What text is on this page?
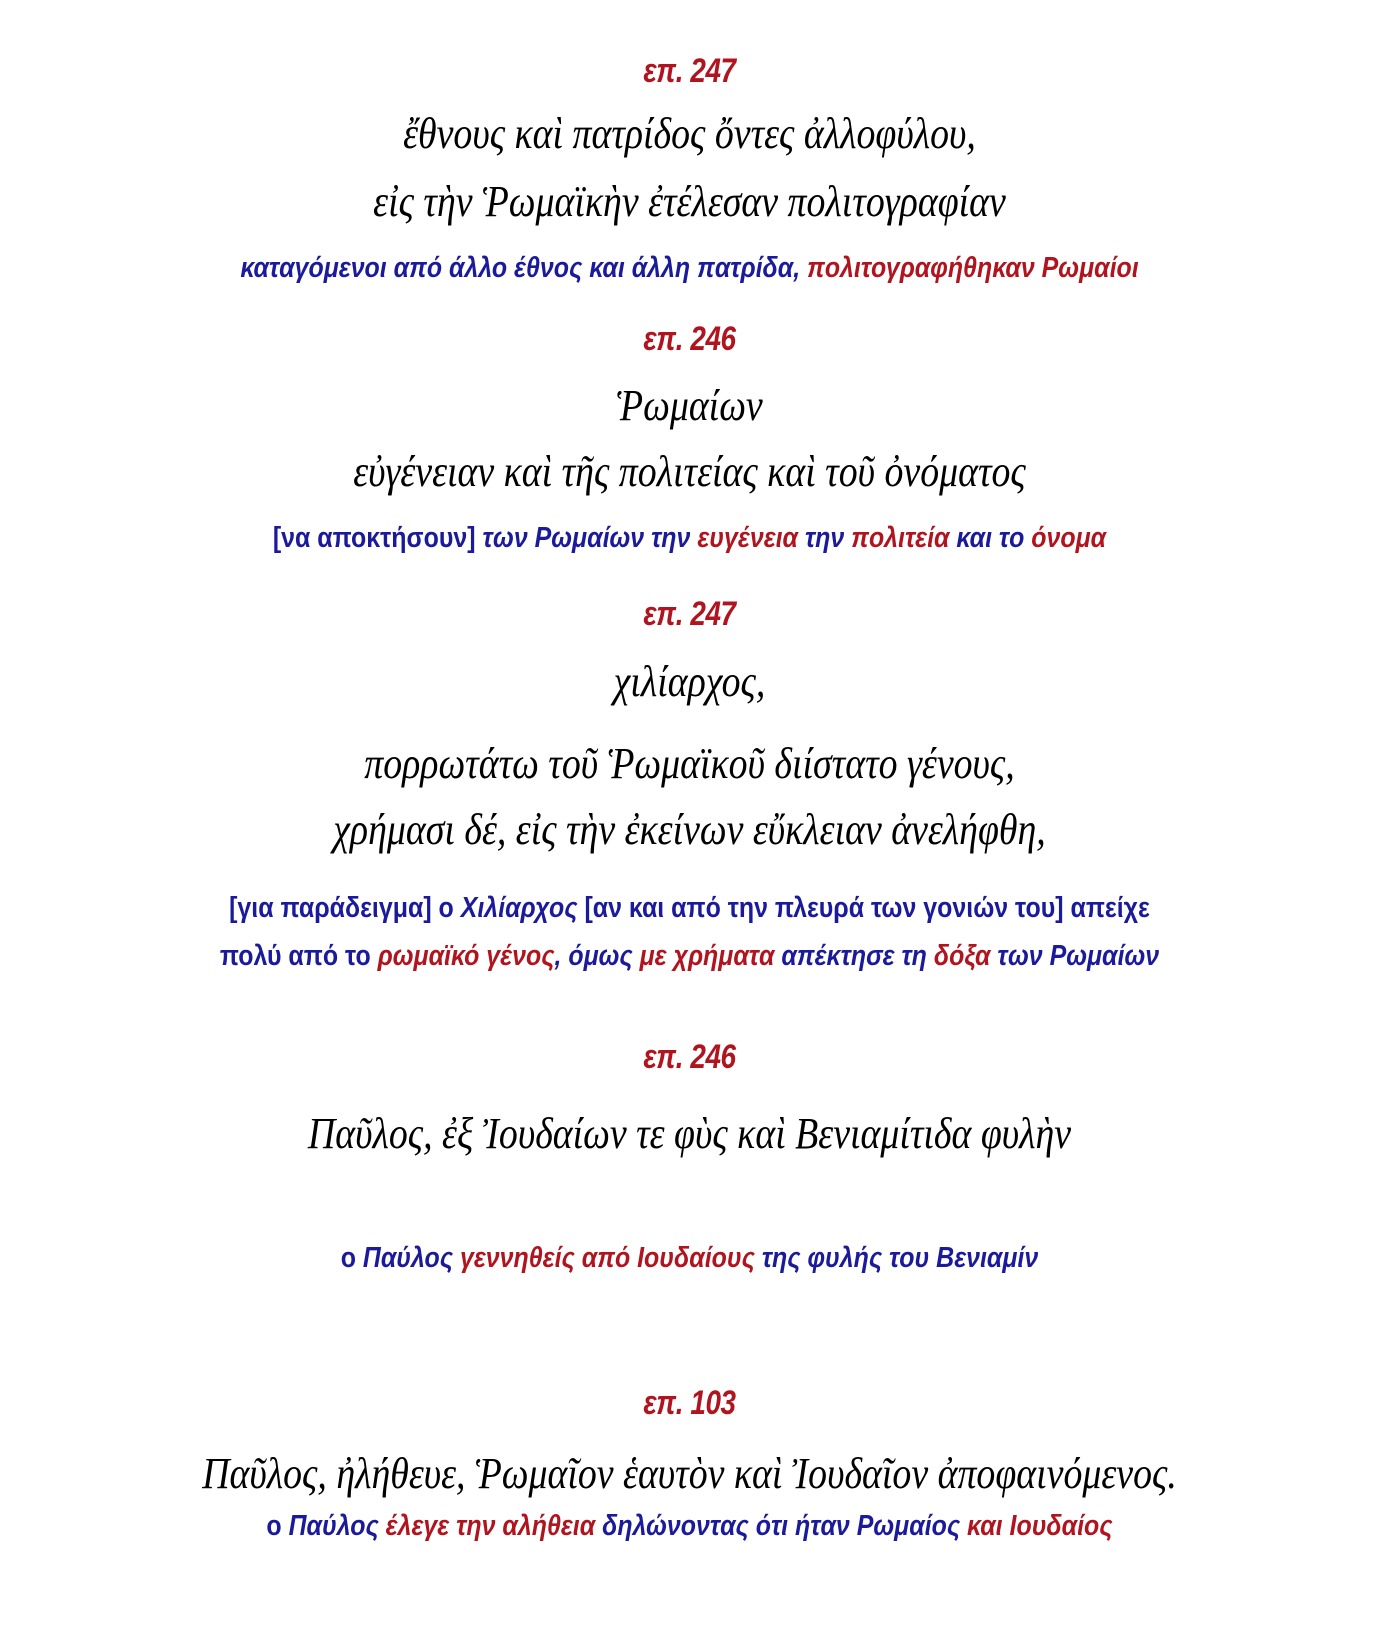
επ. 247
ἔθνους καὶ πατρίδος ὄντες ἀλλοφύλου,
εἰς τὴν Ῥωμαϊκὴν ἐτέλεσαν πολιτογραφίαν
καταγόμενοι από άλλο έθνος και άλλη πατρίδα, πολιτογραφήθηκαν Ρωμαίοι
επ. 246
Ῥωμαίων
εὐγένειαν καὶ τῆς πολιτείας καὶ τοῦ ὀνόματος
[να αποκτήσουν] των Ρωμαίων την ευγένεια την πολιτεία και το όνομα
επ. 247
χιλίαρχος,
πορρωτάτω τοῦ Ῥωμαϊκοῦ διίστατο γένους,
χρήμασι δέ, εἰς τὴν ἐκείνων εὔκλειαν ἀνελήφθη,
[για παράδειγμα] ο Χιλίαρχος [αν και από την πλευρά των γονιών του] απείχε
πολύ από το ρωμαϊκό γένος, όμως με χρήματα απέκτησε τη δόξα των Ρωμαίων
επ. 246
Παῦλος, ἐξ Ἰουδαίων τε φὺς καὶ Βενιαμίτιδα φυλὴν
ο Παύλος γεννηθείς από Ιουδαίους της φυλής του Βενιαμίν
επ. 103
Παῦλος, ἠλήθευε, Ῥωμαῖον ἑαυτὸν καὶ Ἰουδαῖον ἀποφαινόμενος.
ο Παύλος έλεγε την αλήθεια δηλώνοντας ότι ήταν Ρωμαίος και Ιουδαίος
